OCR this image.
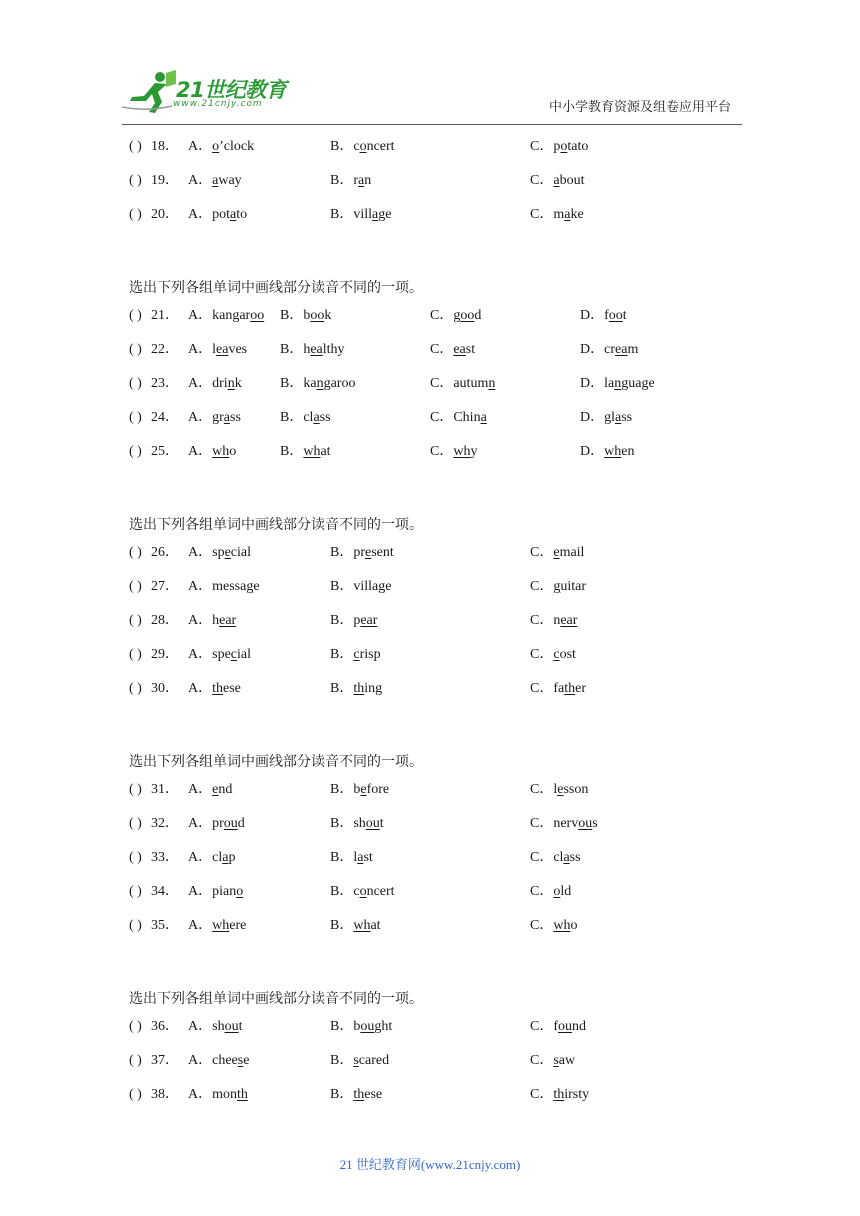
21世纪教育
www.21cnjy.com	中小学教育资源及组卷应用平台
( ) 18． A．o’clock	B．concert	C．potato
( ) 19． A．away	B．ran	C．about
( ) 20． A．potato	B．village	C．make
选出下列各组单词中画线部分读音不同的一项。
( ) 21． A．kangaroo B．book	C．good	D．foot
( ) 22． A．leaves B．healthy	C．east	D．cream
( ) 23． A．drink	B．kangaroo	C．autumn	D．language
( ) 24． A．grass	B．class	C．China	D．glass
( ) 25． A．who	B．what	C．why	D．when
选出下列各组单词中画线部分读音不同的一项。
( ) 26． A．special	B．present	C．email
( ) 27． A．message	B．village	C．guitar
( ) 28． A．hear	B．pear	C．near
( ) 29． A．special	B．crisp	C．cost
( ) 30． A．these	B．thing	C．father
选出下列各组单词中画线部分读音不同的一项。
( ) 31． A．end	B．before	C．lesson
( ) 32． A．proud	B．shout	C．nervous
( ) 33． A．clap	B．last	C．class
( ) 34． A．piano	B．concert	C．old
( ) 35． A．where	B．what	C．who
选出下列各组单词中画线部分读音不同的一项。
( ) 36． A．shout	B．bought	C．found
( ) 37． A．cheese	B．scared	C．saw
( ) 38． A．month	B．these	C．thirsty
21 世纪教育网(www.21cnjy.com)
